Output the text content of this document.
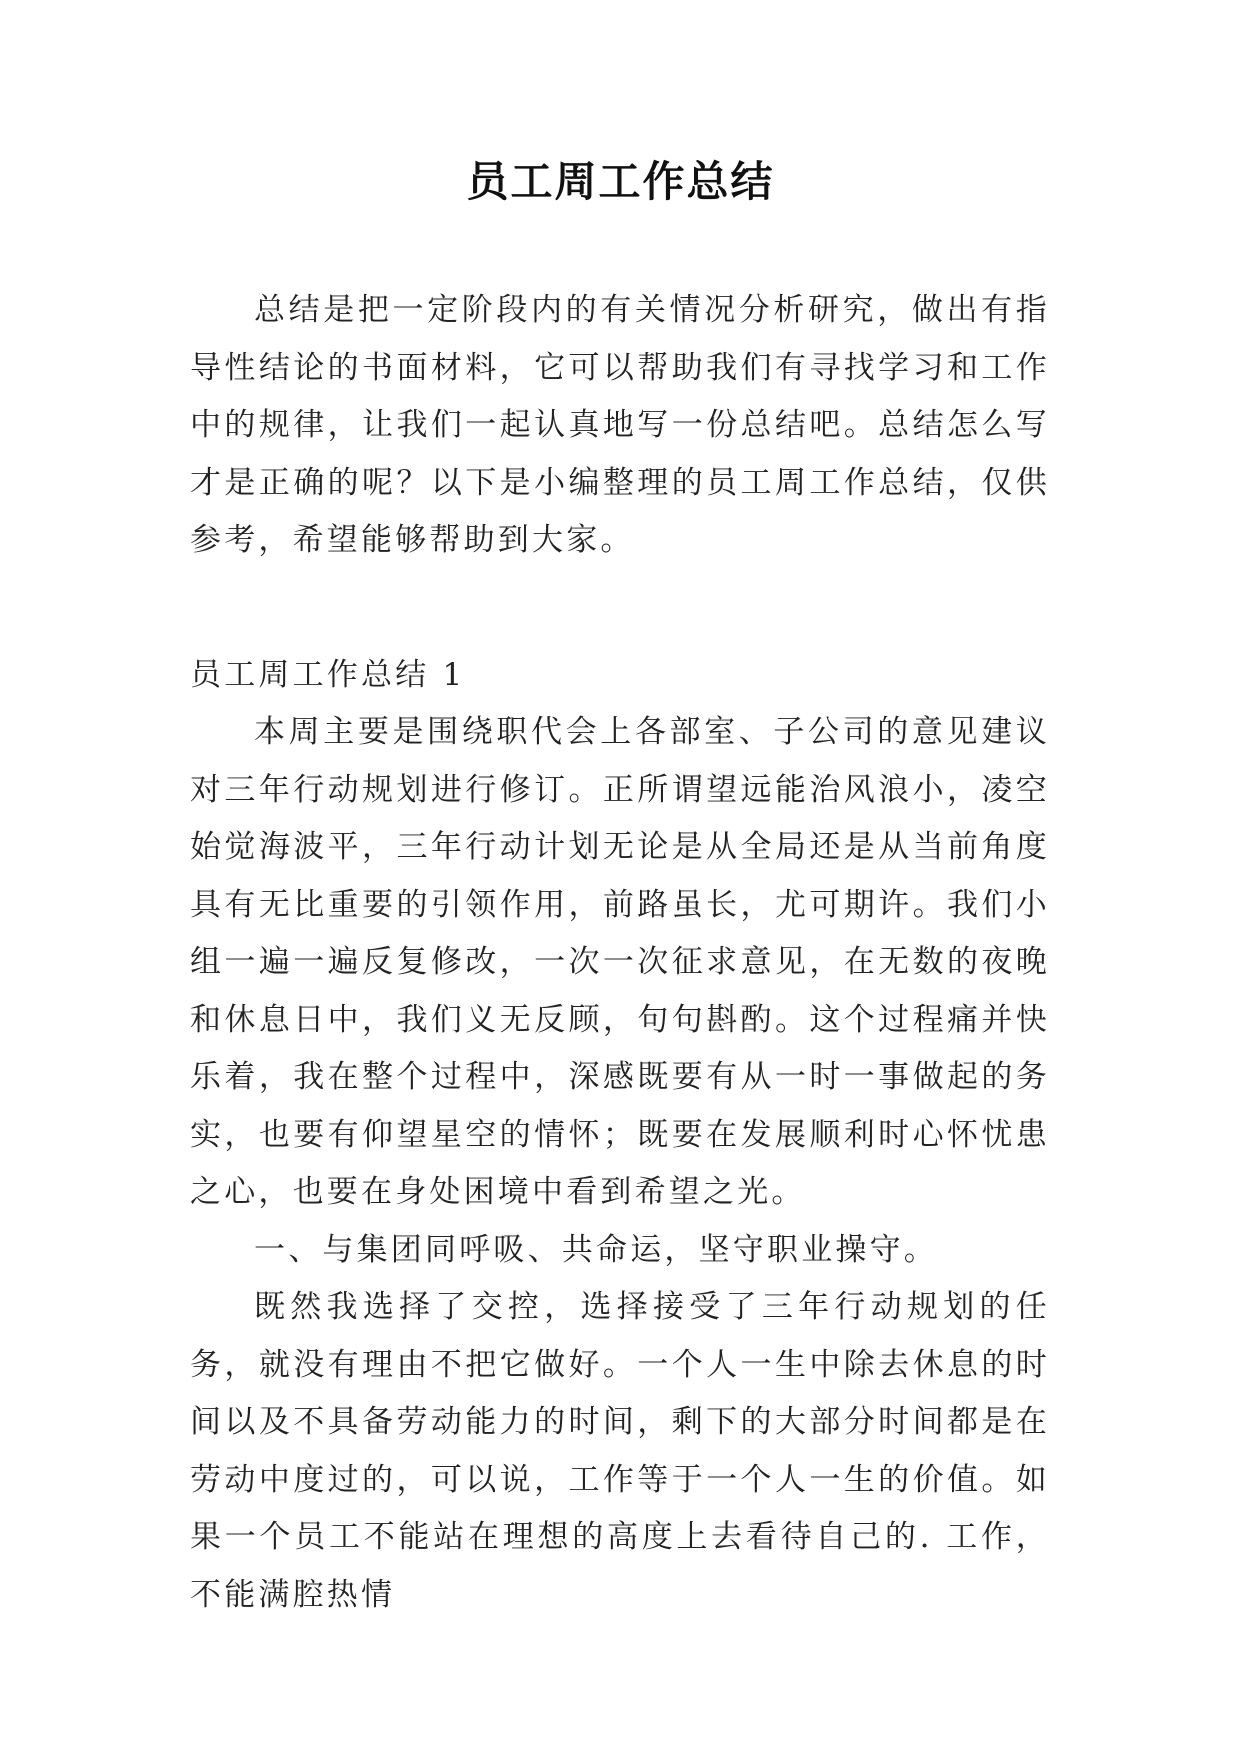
员工周工作总结

总结是把一定阶段内的有关情况分析研究，做出有指导性结论的书面材料，它可以帮助我们有寻找学习和工作中的规律，让我们一起认真地写一份总结吧。总结怎么写才是正确的呢？以下是小编整理的员工周工作总结，仅供参考，希望能够帮助到大家。

员工周工作总结 1

本周主要是围绕职代会上各部室、子公司的意见建议对三年行动规划进行修订。正所谓望远能治风浪小，凌空始觉海波平，三年行动计划无论是从全局还是从当前角度具有无比重要的引领作用，前路虽长，尤可期许。我们小组一遍一遍反复修改，一次一次征求意见，在无数的夜晚和休息日中，我们义无反顾，句句斟酌。这个过程痛并快乐着，我在整个过程中，深感既要有从一时一事做起的务实，也要有仰望星空的情怀；既要在发展顺利时心怀忧患之心，也要在身处困境中看到希望之光。

一、与集团同呼吸、共命运，坚守职业操守。

既然我选择了交控，选择接受了三年行动规划的任务，就没有理由不把它做好。一个人一生中除去休息的时间以及不具备劳动能力的时间，剩下的大部分时间都是在劳动中度过的，可以说，工作等于一个人一生的价值。如果一个员工不能站在理想的高度上去看待自己的. 工作，不能满腔热情
